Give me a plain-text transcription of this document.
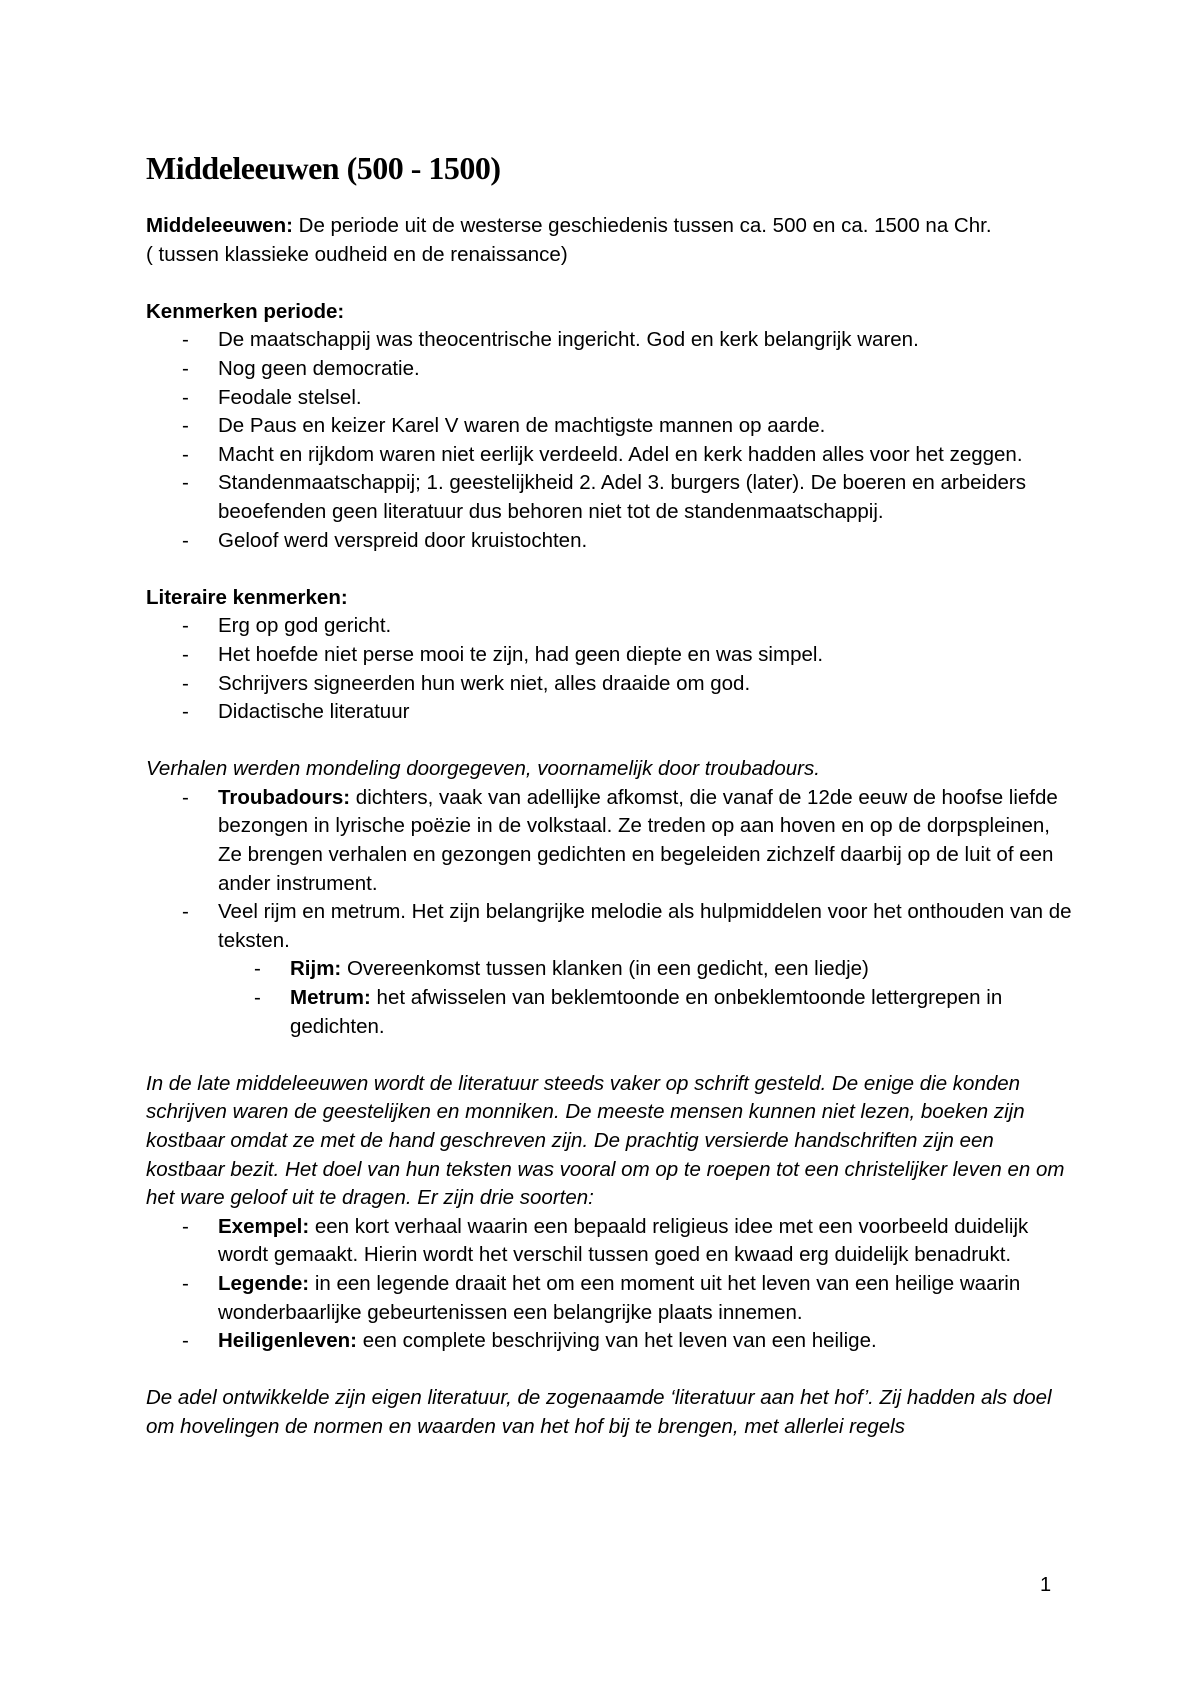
Middeleeuwen (500 - 1500)

Middeleeuwen: De periode uit de westerse geschiedenis tussen ca. 500 en ca. 1500 na Chr.

( tussen klassieke oudheid en de renaissance)

Kenmerken periode:

- De maatschappij was theocentrische ingericht. God en kerk belangrijk waren.
- Nog geen democratie.
- Feodale stelsel.
- De Paus en keizer Karel V waren de machtigste mannen op aarde.
- Macht en rijkdom waren niet eerlijk verdeeld. Adel en kerk hadden alles voor het zeggen.
- Standenmaatschappij; 1. geestelijkheid 2. Adel 3. burgers (later). De boeren en arbeiders beoefenden geen literatuur dus behoren niet tot de standenmaatschappij.
- Geloof werd verspreid door kruistochten.

Literaire kenmerken:

- Erg op god gericht.
- Het hoefde niet perse mooi te zijn, had geen diepte en was simpel.
- Schrijvers signeerden hun werk niet, alles draaide om god.
- Didactische literatuur

Verhalen werden mondeling doorgegeven, voornamelijk door troubadours.

- Troubadours: dichters, vaak van adellijke afkomst, die vanaf de 12de eeuw de hoofse liefde bezongen in lyrische poëzie in de volkstaal. Ze treden op aan hoven en op de dorpspleinen, Ze brengen verhalen en gezongen gedichten en begeleiden zichzelf daarbij op de luit of een ander instrument.
- Veel rijm en metrum. Het zijn belangrijke melodie als hulpmiddelen voor het onthouden van de teksten.
- Rijm: Overeenkomst tussen klanken (in een gedicht, een liedje)
- Metrum: het afwisselen van beklemtoonde en onbeklemtoonde lettergrepen in gedichten.

In de late middeleeuwen wordt de literatuur steeds vaker op schrift gesteld. De enige die konden schrijven waren de geestelijken en monniken. De meeste mensen kunnen niet lezen, boeken zijn kostbaar omdat ze met de hand geschreven zijn. De prachtig versierde handschriften zijn een kostbaar bezit. Het doel van hun teksten was vooral om op te roepen tot een christelijker leven en om het ware geloof uit te dragen. Er zijn drie soorten:

- Exempel: een kort verhaal waarin een bepaald religieus idee met een voorbeeld duidelijk wordt gemaakt. Hierin wordt het verschil tussen goed en kwaad erg duidelijk benadrukt.
- Legende: in een legende draait het om een moment uit het leven van een heilige waarin wonderbaarlijke gebeurtenissen een belangrijke plaats innemen.
- Heiligenleven: een complete beschrijving van het leven van een heilige.

De adel ontwikkelde zijn eigen literatuur, de zogenaamde ‘literatuur aan het hof’. Zij hadden als doel om hovelingen de normen en waarden van het hof bij te brengen, met allerlei regels

1
